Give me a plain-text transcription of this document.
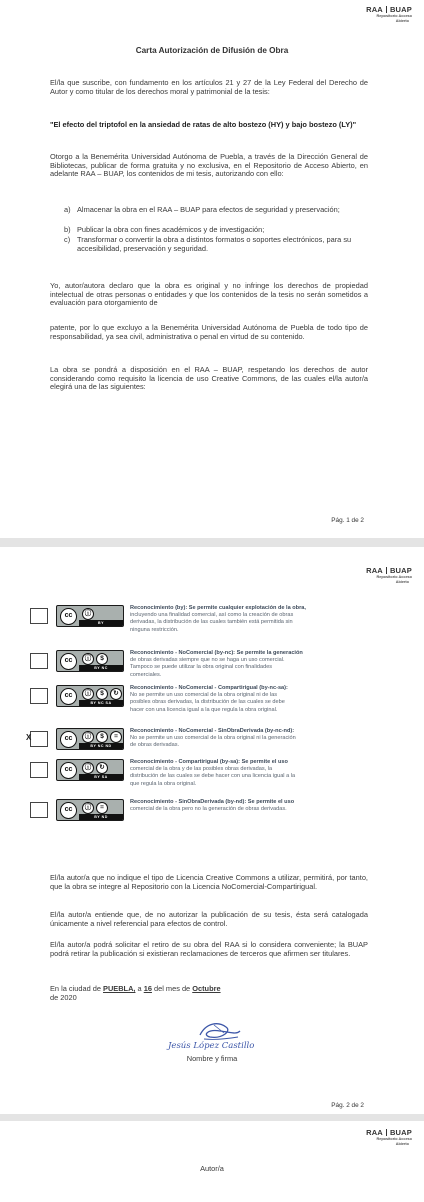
RAA BUAP
Repositorio Acceso
Abierto
Carta Autorización de Difusión de Obra
El/la que suscribe, con fundamento en los artículos 21 y 27 de la Ley Federal del Derecho de Autor y como titular de los derechos moral y patrimonial de la tesis:
"El efecto del triptofol en la ansiedad de ratas de alto bostezo (HY) y bajo bostezo (LY)"
Otorgo a la Benemérita Universidad Autónoma de Puebla, a través de la Dirección General de Bibliotecas, publicar de forma gratuita y no exclusiva, en el Repositorio de Acceso Abierto, en adelante RAA – BUAP, los contenidos de mi tesis, autorizando con ello:
a) Almacenar la obra en el RAA – BUAP para efectos de seguridad y preservación;
b) Publicar la obra con fines académicos y de investigación;
c) Transformar o convertir la obra a distintos formatos o soportes electrónicos, para su accesibilidad, preservación y seguridad.
Yo, autor/autora declaro que la obra es original y no infringe los derechos de propiedad intelectual de otras personas o entidades y que los contenidos de la tesis no serán sometidos a evaluación para otorgamiento de
patente, por lo que excluyo a la Benemérita Universidad Autónoma de Puebla de todo tipo de responsabilidad, ya sea civil, administrativa o penal en virtud de su contenido.
La obra se pondrá a disposición en el RAA – BUAP, respetando los derechos de autor considerando como requisito la licencia de uso Creative Commons, de las cuales el/la autor/a elegirá una de las siguientes:
Pág. 1 de 2
RAA BUAP
Repositorio Acceso
Abierto
cc	ⓘ
BY
Reconocimiento (by): Se permite cualquier explotación de la obra,
incluyendo una finalidad comercial, así como la creación de obras
derivadas, la distribución de las cuales también está permitida sin
ninguna restricción.
cc	ⓘ	$
BY NC
Reconocimiento - NoComercial (by-nc): Se permite la generación
de obras derivadas siempre que no se haga un uso comercial.
Tampoco se puede utilizar la obra original con finalidades
comerciales.
cc	ⓘ	$	↻
BY NC SA
Reconocimiento - NoComercial - Compartirigual (by-nc-sa):
No se permite un uso comercial de la obra original ni de las
posibles obras derivadas, la distribución de las cuales se debe
hacer con una licencia igual a la que regula la obra original.
X	cc	ⓘ	$	=
BY NC ND
Reconocimiento - NoComercial - SinObraDerivada (by-nc-nd):
No se permite un uso comercial de la obra original ni la generación
de obras derivadas.
cc	ⓘ	↻
BY SA
Reconocimiento - Compartirigual (by-sa): Se permite el uso
comercial de la obra y de las posibles obras derivadas, la
distribución de las cuales se debe hacer con una licencia igual a la
que regula la obra original.
cc	ⓘ	=
BY ND
Reconocimiento - SinObraDerivada (by-nd): Se permite el uso
comercial de la obra pero no la generación de obras derivadas.
El/la autor/a que no indique el tipo de Licencia Creative Commons a utilizar, permitirá, por tanto, que la obra se integre al Repositorio con la Licencia NoComercial-Compartirigual.
El/la autor/a entiende que, de no autorizar la publicación de su tesis, ésta será catalogada únicamente a nivel referencial para efectos de control.
El/la autor/a podrá solicitar el retiro de su obra del RAA si lo considera conveniente; la BUAP podrá retirar la publicación si existieran reclamaciones de terceros que afirmen ser titulares.
En la ciudad de PUEBLA, a 16 del mes de Octubre
de 2020
Jesús López Castillo
Nombre y firma
Pág. 2 de 2
RAA BUAP
Repositorio Acceso
Abierto
Autor/a
